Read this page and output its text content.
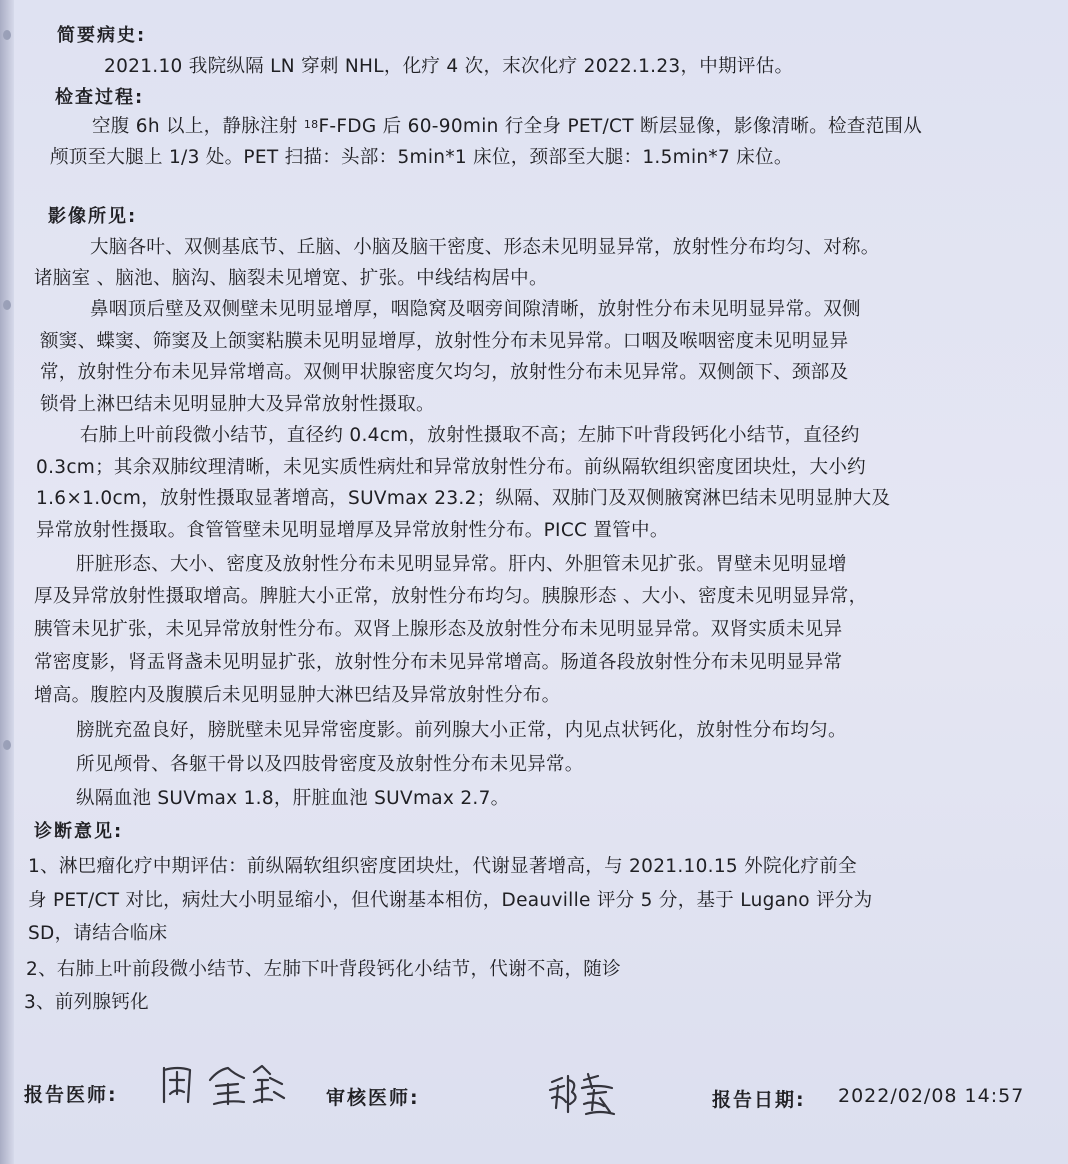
简要病史:
2021.10 我院纵隔 LN 穿刺 NHL，化疗 4 次，末次化疗 2022.1.23，中期评估。
检查过程:
空腹 6h 以上，静脉注射 $^{18}$F-FDG 后 60-90min 行全身 PET/CT 断层显像，影像清晰。检查范围从
颅顶至大腿上 1/3 处。PET 扫描：头部：5min*1 床位，颈部至大腿：1.5min*7 床位。
影像所见:
大脑各叶、双侧基底节、丘脑、小脑及脑干密度、形态未见明显异常，放射性分布均匀、对称。
诸脑室 、脑池、脑沟、脑裂未见增宽、扩张。中线结构居中。
鼻咽顶后壁及双侧壁未见明显增厚，咽隐窝及咽旁间隙清晰，放射性分布未见明显异常。双侧
额窦、蝶窦、筛窦及上颌窦粘膜未见明显增厚，放射性分布未见异常。口咽及喉咽密度未见明显异
常，放射性分布未见异常增高。双侧甲状腺密度欠均匀，放射性分布未见异常。双侧颌下、颈部及
锁骨上淋巴结未见明显肿大及异常放射性摄取。
右肺上叶前段微小结节，直径约 0.4cm，放射性摄取不高；左肺下叶背段钙化小结节，直径约
0.3cm；其余双肺纹理清晰，未见实质性病灶和异常放射性分布。前纵隔软组织密度团块灶，大小约
1.6×1.0cm，放射性摄取显著增高，SUVmax 23.2；纵隔、双肺门及双侧腋窝淋巴结未见明显肿大及
异常放射性摄取。食管管壁未见明显增厚及异常放射性分布。PICC 置管中。
肝脏形态、大小、密度及放射性分布未见明显异常。肝内、外胆管未见扩张。胃壁未见明显增
厚及异常放射性摄取增高。脾脏大小正常，放射性分布均匀。胰腺形态 、大小、密度未见明显异常，
胰管未见扩张，未见异常放射性分布。双肾上腺形态及放射性分布未见明显异常。双肾实质未见异
常密度影，肾盂肾盏未见明显扩张，放射性分布未见异常增高。肠道各段放射性分布未见明显异常
增高。腹腔内及腹膜后未见明显肿大淋巴结及异常放射性分布。
膀胱充盈良好，膀胱壁未见异常密度影。前列腺大小正常，内见点状钙化，放射性分布均匀。
所见颅骨、各躯干骨以及四肢骨密度及放射性分布未见异常。
纵隔血池 SUVmax 1.8，肝脏血池 SUVmax 2.7。
诊断意见:
1、淋巴瘤化疗中期评估：前纵隔软组织密度团块灶，代谢显著增高，与 2021.10.15 外院化疗前全
身 PET/CT 对比，病灶大小明显缩小，但代谢基本相仿，Deauville 评分 5 分，基于 Lugano 评分为
SD，请结合临床
2、右肺上叶前段微小结节、左肺下叶背段钙化小结节，代谢不高，随诊
3、前列腺钙化
报告医师:	审核医师:	报告日期: 2022/02/08 14:57
